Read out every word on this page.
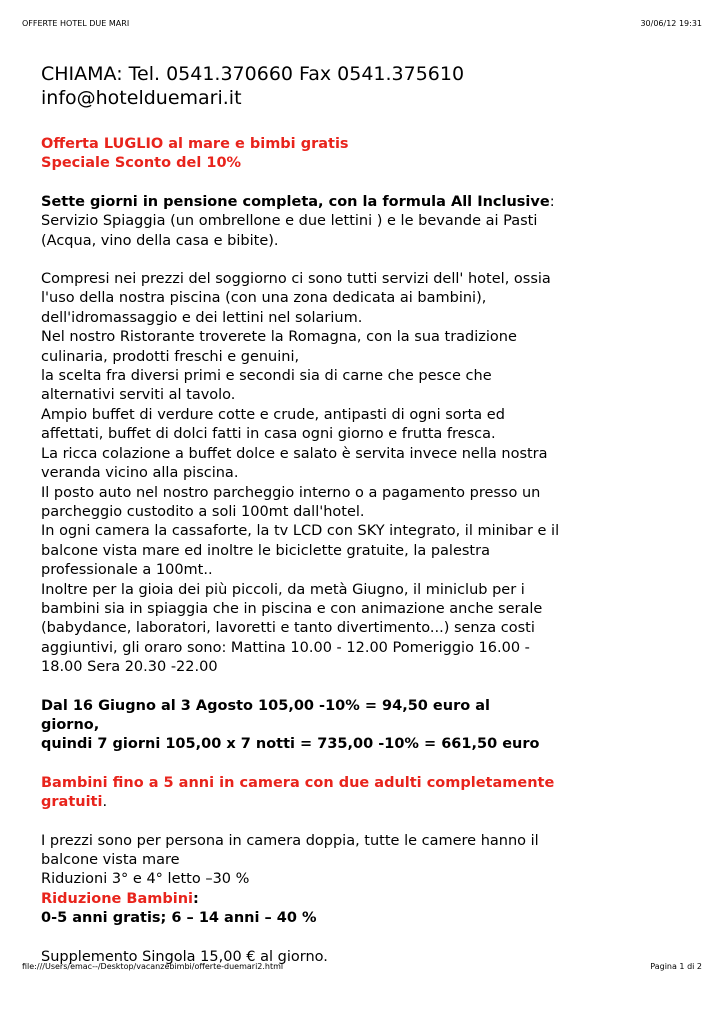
OFFERTE HOTEL DUE MARI	30/06/12 19:31
CHIAMA: Tel. 0541.370660 Fax 0541.375610
info@hotelduemari.it

Offerta LUGLIO al mare e bimbi gratis
Speciale Sconto del 10%

Sette giorni in pensione completa, con la formula All Inclusive:
Servizio Spiaggia (un ombrellone e due lettini ) e le bevande ai Pasti
(Acqua, vino della casa e bibite).

Compresi nei prezzi del soggiorno ci sono tutti servizi dell' hotel, ossia
l'uso della nostra piscina (con una zona dedicata ai bambini),
dell'idromassaggio e dei lettini nel solarium.
Nel nostro Ristorante troverete la Romagna, con la sua tradizione
culinaria, prodotti freschi e genuini,
la scelta fra diversi primi e secondi sia di carne che pesce che
alternativi serviti al tavolo.
Ampio buffet di verdure cotte e crude, antipasti di ogni sorta ed
affettati, buffet di dolci fatti in casa ogni giorno e frutta fresca.
La ricca colazione a buffet dolce e salato è servita invece nella nostra
veranda vicino alla piscina.
Il posto auto nel nostro parcheggio interno o a pagamento presso un
parcheggio custodito a soli 100mt dall'hotel.
In ogni camera la cassaforte, la tv LCD con SKY integrato, il minibar e il
balcone vista mare ed inoltre le biciclette gratuite, la palestra
professionale a 100mt..
Inoltre per la gioia dei più piccoli, da metà Giugno, il miniclub per i
bambini sia in spiaggia che in piscina e con animazione anche serale
(babydance, laboratori, lavoretti e tanto divertimento...) senza costi
aggiuntivi, gli oraro sono: Mattina 10.00 - 12.00 Pomeriggio 16.00 -
18.00 Sera 20.30 -22.00

Dal 16 Giugno al 3 Agosto 105,00 -10% = 94,50 euro al
giorno,
quindi 7 giorni 105,00 x 7 notti = 735,00 -10% = 661,50 euro

Bambini fino a 5 anni in camera con due adulti completamente
gratuiti.

I prezzi sono per persona in camera doppia, tutte le camere hanno il
balcone vista mare
Riduzioni 3° e 4° letto –30 %
Riduzione Bambini:
0-5 anni gratis; 6 – 14 anni – 40 %

Supplemento Singola 15,00 € al giorno.

file:///Users/emac--/Desktop/vacanzebimbi/offerte-duemari2.html	Pagina 1 di 2
